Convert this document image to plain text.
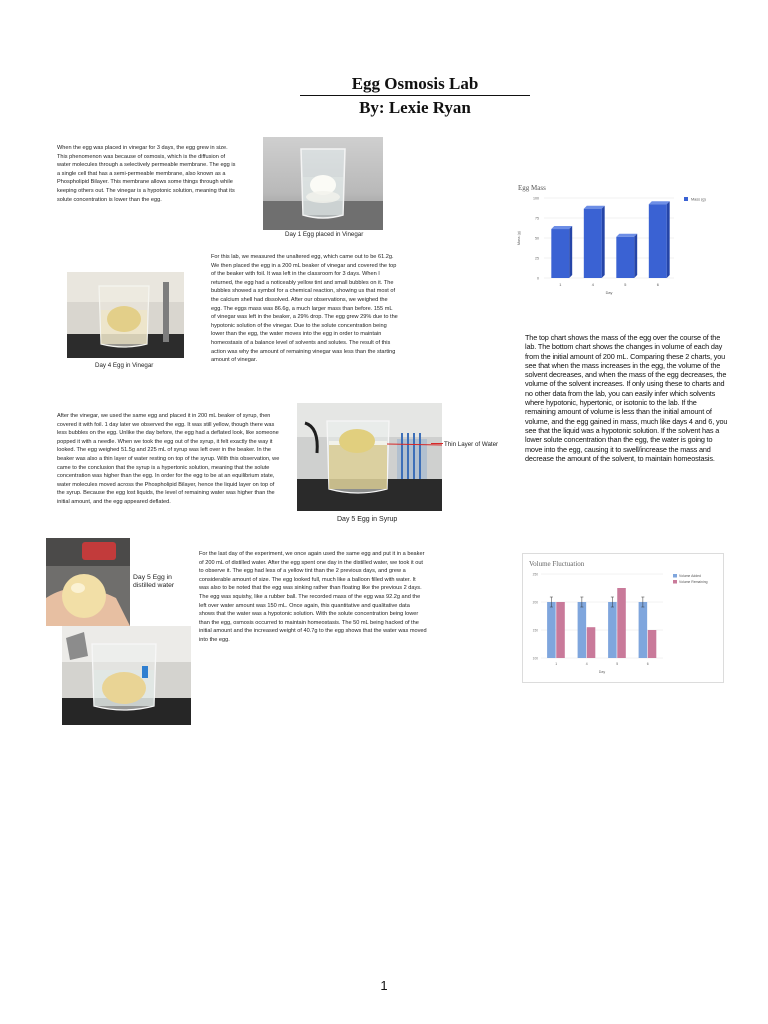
Egg Osmosis Lab
By: Lexie Ryan
When the egg was placed in vinegar for 3 days, the egg grew in size. This phenomenon was because of osmosis, which is the diffusion of water molecules through a selectively permeable membrane. The egg is a single cell that has a semi-permeable membrane, also known as a Phospholipid Bilayer. This membrane allows some things through while keeping others out. The vinegar is a hypotonic solution, meaning that its solute concentration is lower than the egg.
Day 1 Egg placed in Vinegar
Day 4 Egg in Vinegar
For this lab, we measured the unaltered egg, which came out to be 61.2g. We then placed the egg in a 200 mL beaker of vinegar and covered the top of the beaker with foil. It was left in the classroom for 3 days. When I returned, the egg had a noticeably yellow tint and small bubbles on it. The bubbles showed a symbol for a chemical reaction, showing us that most of the calcium shell had dissolved. After our observations, we weighed the egg. The eggs mass was 86.6g, a much larger mass than before. 155 mL of vinegar was left in the beaker, a 29% drop. The egg grew 29% due to the hypotonic solution of the vinegar. Due to the solute concentration being lower than the egg, the water moves into the egg in order to maintain homeostasis of a balance level of solvents and solutes. The result of this action was why the amount of remaining vinegar was less than the starting amount of vinegar.
After the vinegar, we used the same egg and placed it in 200 mL beaker of syrup, then covered it with foil. 1 day later we observed the egg. It was still yellow, though there was less bubbles on the egg. Unlike the day before, the egg had a deflated look, like someone popped it with a needle. When we took the egg out of the syrup, it felt exactly the way it looked. The egg weighed 51.5g and 225 mL of syrup was left over in the beaker. In the beaker was also a thin layer of water resting on top of the syrup. With this observation, we came to the conclusion that the syrup is a hypertonic solution, meaning that the solute concentration was higher than the egg. In order for the egg to be at an equilibrium state, water molecules moved across the Phospholipid Bilayer, hence the liquid layer on top of the syrup. Because the egg lost liquids, the level of remaining water was higher than the initial amount, and the egg appeared deflated.
Thin Layer of Water
Day 5 Egg in Syrup
Day 5 Egg in distilled water
For the last day of the experiment, we once again used the same egg and put it in a beaker of 200 mL of distilled water. After the egg spent one day in the distilled water, we took it out to observe it. The egg had less of a yellow tint than the 2 previous days, and grew a considerable amount of size. The egg looked full, much like a balloon filled with water. It was also to be noted that the egg was sinking rather than floating like the previous 2 days. The egg was squishy, like a rubber ball. The recorded mass of the egg was 92.2g and the left over water amount was 150 mL. Once again, this quantitative and qualitative data shows that the water was a hypotonic solution. With the solute concentration being lower than the egg, osmosis occurred to maintain homeostasis. The 50 mL being hacked of the initial amount and the increased weight of 40.7g to the egg shows that the water was moved into the egg.
Egg Mass
0
25
50
75
100
Mass (g)
1	4	5	6
Day
Mass (g)
The top chart shows the mass of the egg over the course of the lab. The bottom chart shows the changes in volume of each day from the initial amount of 200 mL. Comparing these 2 charts, you see that when the mass increases in the egg, the volume of the solvent decreases, and when the mass of the egg decreases, the volume of the solvent increases. If only using these to charts and no other data from the lab, you can easily infer which solvents where hypotonic, hypertonic, or isotonic to the lab. If the remaining amount of volume is less than the initial amount of volume, and the egg gained in mass, much like days 4 and 6, you see that the liquid was a hypotonic solution. If the solvent has a lower solute concentration than the egg, the water is going to move into the egg, causing it to swell/increase the mass and decrease the amount of the solvent, to maintain homeostasis.
Volume Fluctuation
100
150
200
250
1	4	5	6
Day
Volume Added
Volume Remaining
1
